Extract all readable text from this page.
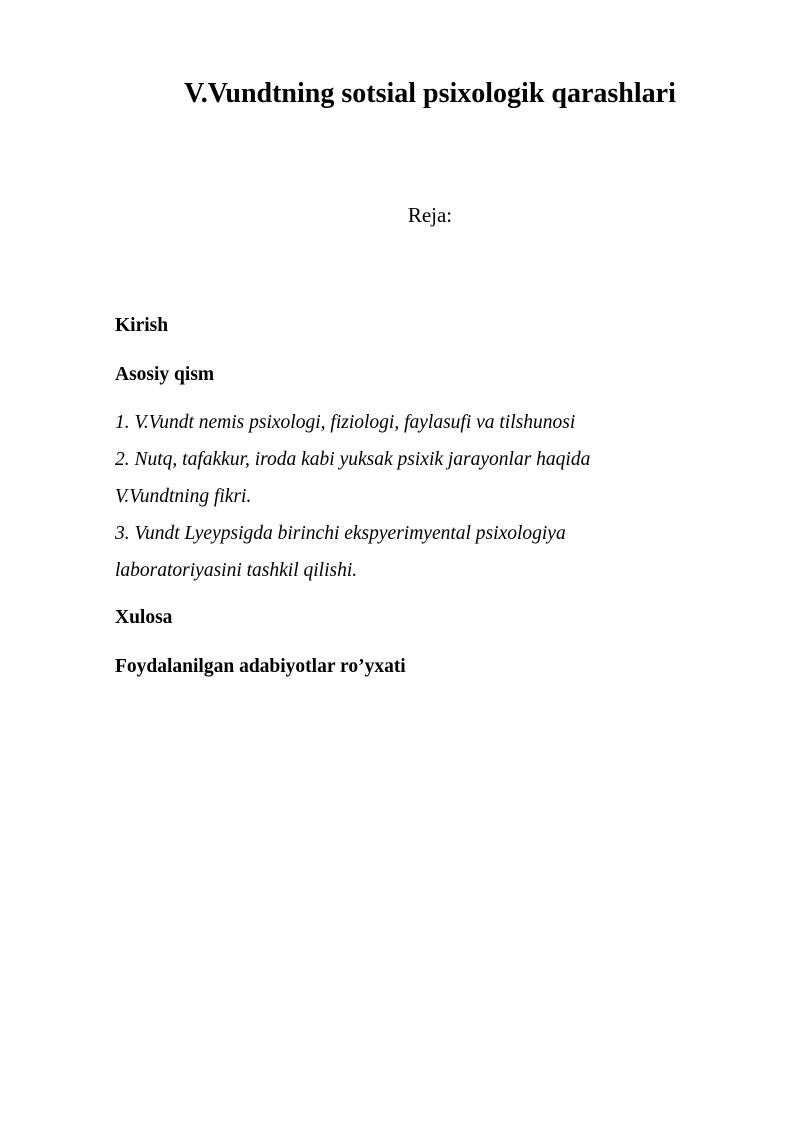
V.Vundtning sotsial psixologik qarashlari
Reja:
Kirish
Asosiy qism
1. V.Vundt nemis psixologi, fiziologi, faylasufi va tilshunosi
2. Nutq, tafakkur, iroda kabi yuksak psixik jarayonlar haqida
V.Vundtning fikri.
3. Vundt Lyeypsigda birinchi ekspyerimyental psixologiya
laboratoriyasini tashkil qilishi.
Xulosa
Foydalanilgan adabiyotlar ro’yxati
